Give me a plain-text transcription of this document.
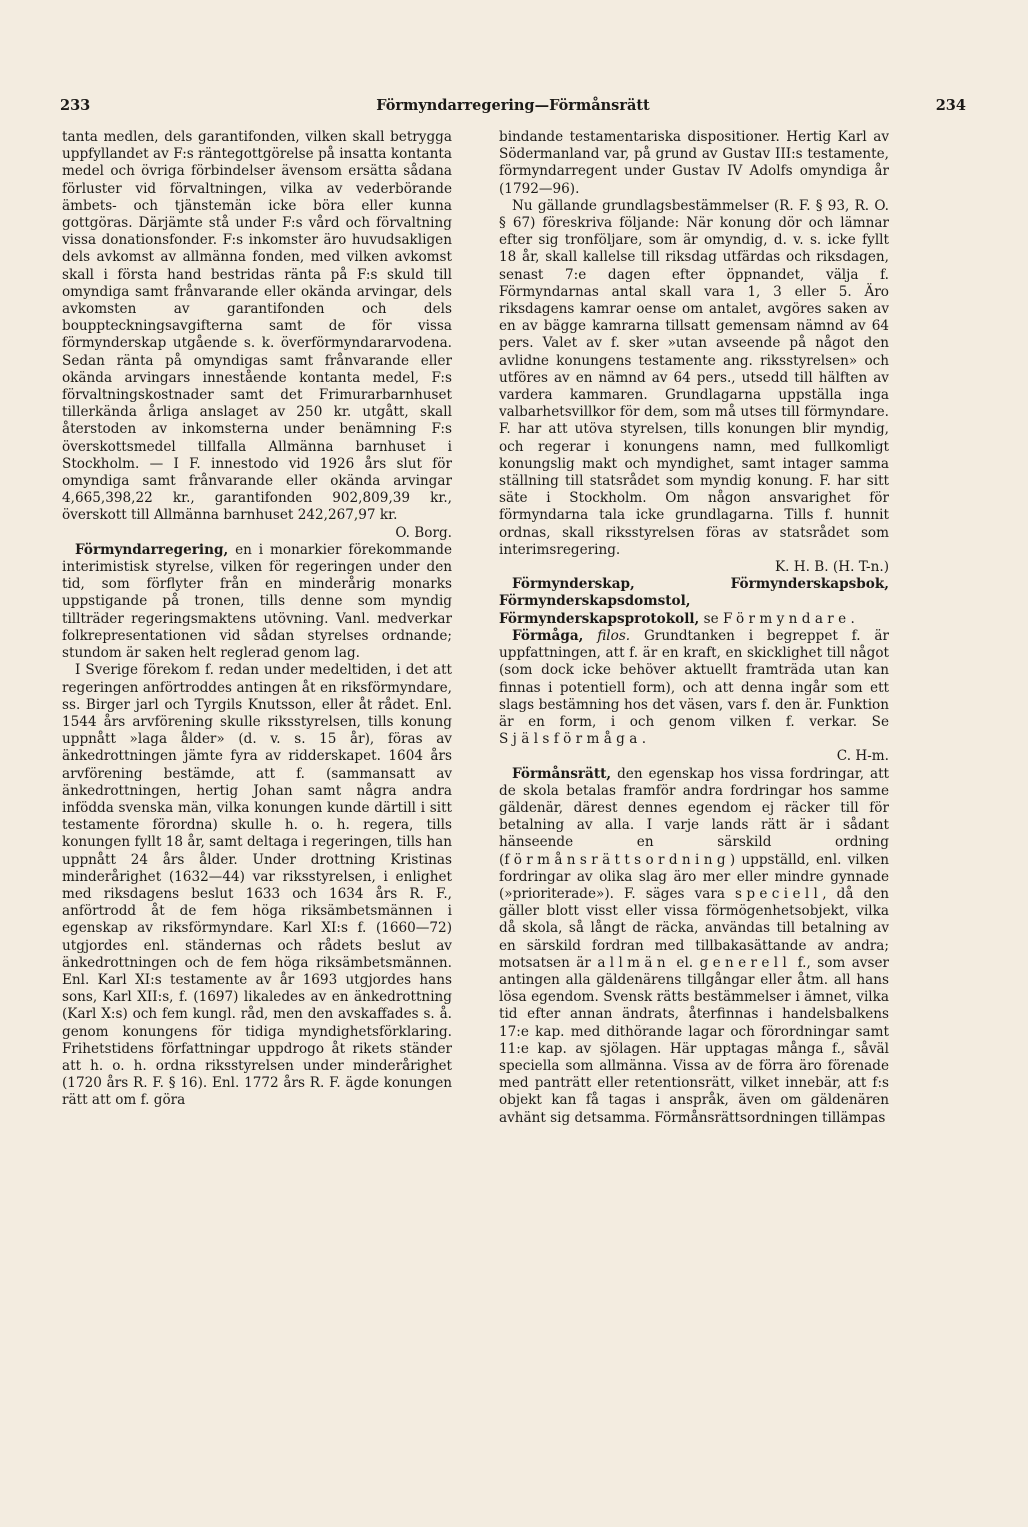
233	Förmyndarregering—Förmånsrätt	234

tanta medlen, dels garantifonden, vilken skall betrygga uppfyllandet av F:s räntegottgörelse på insatta kontanta medel och övriga förbindelser ävensom ersätta sådana förluster vid förvaltningen, vilka av vederbörande ämbets- och tjänstemän icke böra eller kunna gottgöras. Därjämte stå under F:s vård och förvaltning vissa donationsfonder. F:s inkomster äro huvudsakligen dels avkomst av allmänna fonden, med vilken avkomst skall i första hand bestridas ränta på F:s skuld till omyndiga samt frånvarande eller okända arvingar, dels avkomsten av garantifonden och dels bouppteckningsavgifterna samt de för vissa förmynderskap utgående s. k. överförmyndararvodena. Sedan ränta på omyndigas samt frånvarande eller okända arvingars innestående kontanta medel, F:s förvaltningskostnader samt det Frimurarbarnhuset tillerkända årliga anslaget av 250 kr. utgått, skall återstoden av inkomsterna under benämning F:s överskottsmedel tillfalla Allmänna barnhuset i Stockholm. — I F. innestodo vid 1926 års slut för omyndiga samt frånvarande eller okända arvingar 4,665,398,22 kr., garantifonden 902,809,39 kr., överskott till Allmänna barnhuset 242,267,97 kr.

O. Borg.

Förmyndarregering, en i monarkier förekommande interimistisk styrelse, vilken för regeringen under den tid, som förflyter från en minderårig monarks uppstigande på tronen, tills denne som myndig tillträder regeringsmaktens utövning. Vanl. medverkar folkrepresentationen vid sådan styrelses ordnande; stundom är saken helt reglerad genom lag.

I Sverige förekom f. redan under medeltiden, i det att regeringen anförtroddes antingen åt en riksförmyndare, ss. Birger jarl och Tyrgils Knutsson, eller åt rådet. Enl. 1544 års arvförening skulle riksstyrelsen, tills konung uppnått »laga ålder» (d. v. s. 15 år), föras av änkedrottningen jämte fyra av ridderskapet. 1604 års arvförening bestämde, att f. (sammansatt av änkedrottningen, hertig Johan samt några andra infödda svenska män, vilka konungen kunde därtill i sitt testamente förordna) skulle h. o. h. regera, tills konungen fyllt 18 år, samt deltaga i regeringen, tills han uppnått 24 års ålder. Under drottning Kristinas minderårighet (1632—44) var riksstyrelsen, i enlighet med riksdagens beslut 1633 och 1634 års R. F., anförtrodd åt de fem höga riksämbetsmännen i egenskap av riksförmyndare. Karl XI:s f. (1660—72) utgjordes enl. ständernas och rådets beslut av änkedrottningen och de fem höga riksämbetsmännen. Enl. Karl XI:s testamente av år 1693 utgjordes hans sons, Karl XII:s, f. (1697) likaledes av en änkedrottning (Karl X:s) och fem kungl. råd, men den avskaffades s. å. genom konungens för tidiga myndighetsförklaring. Frihetstidens författningar uppdrogo åt rikets ständer att h. o. h. ordna riksstyrelsen under minderårighet (1720 års R. F. § 16). Enl. 1772 års R. F. ägde konungen rätt att om f. göra

bindande testamentariska dispositioner. Hertig Karl av Södermanland var, på grund av Gustav III:s testamente, förmyndarregent under Gustav IV Adolfs omyndiga år (1792—96).

Nu gällande grundlagsbestämmelser (R. F. § 93, R. O. § 67) föreskriva följande: När konung dör och lämnar efter sig tronföljare, som är omyndig, d. v. s. icke fyllt 18 år, skall kallelse till riksdag utfärdas och riksdagen, senast 7:e dagen efter öppnandet, välja f. Förmyndarnas antal skall vara 1, 3 eller 5. Äro riksdagens kamrar oense om antalet, avgöres saken av en av bägge kamrarna tillsatt gemensam nämnd av 64 pers. Valet av f. sker »utan avseende på något den avlidne konungens testamente ang. riksstyrelsen» och utföres av en nämnd av 64 pers., utsedd till hälften av vardera kammaren. Grundlagarna uppställa inga valbarhetsvillkor för dem, som må utses till förmyndare. F. har att utöva styrelsen, tills konungen blir myndig, och regerar i konungens namn, med fullkomligt konungslig makt och myndighet, samt intager samma ställning till statsrådet som myndig konung. F. har sitt säte i Stockholm. Om någon ansvarighet för förmyndarna tala icke grundlagarna. Tills f. hunnit ordnas, skall riksstyrelsen föras av statsrådet som interimsregering.

K. H. B. (H. T-n.)

Förmynderskap, Förmynderskapsbok, Förmynderskapsdomstol, Förmynderskapsprotokoll, se Förmyndare.

Förmåga, filos. Grundtanken i begreppet f. är uppfattningen, att f. är en kraft, en skicklighet till något (som dock icke behöver aktuellt framträda utan kan finnas i potentiell form), och att denna ingår som ett slags bestämning hos det väsen, vars f. den är. Funktion är en form, i och genom vilken f. verkar. Se Själsförmåga.

C. H-m.

Förmånsrätt, den egenskap hos vissa fordringar, att de skola betalas framför andra fordringar hos samme gäldenär, därest dennes egendom ej räcker till för betalning av alla. I varje lands rätt är i sådant hänseende en särskild ordning (förmånsrättsordning) uppställd, enl. vilken fordringar av olika slag äro mer eller mindre gynnade (»prioriterade»). F. säges vara speciell, då den gäller blott visst eller vissa förmögenhetsobjekt, vilka då skola, så långt de räcka, användas till betalning av en särskild fordran med tillbakasättande av andra; motsatsen är allmän el. generell f., som avser antingen alla gäldenärens tillgångar eller åtm. all hans lösa egendom. Svensk rätts bestämmelser i ämnet, vilka tid efter annan ändrats, återfinnas i handelsbalkens 17:e kap. med dithörande lagar och förordningar samt 11:e kap. av sjölagen. Här upptagas många f., såväl speciella som allmänna. Vissa av de förra äro förenade med panträtt eller retentionsrätt, vilket innebär, att f:s objekt kan få tagas i anspråk, även om gäldenären avhänt sig detsamma. Förmånsrättsordningen tillämpas
